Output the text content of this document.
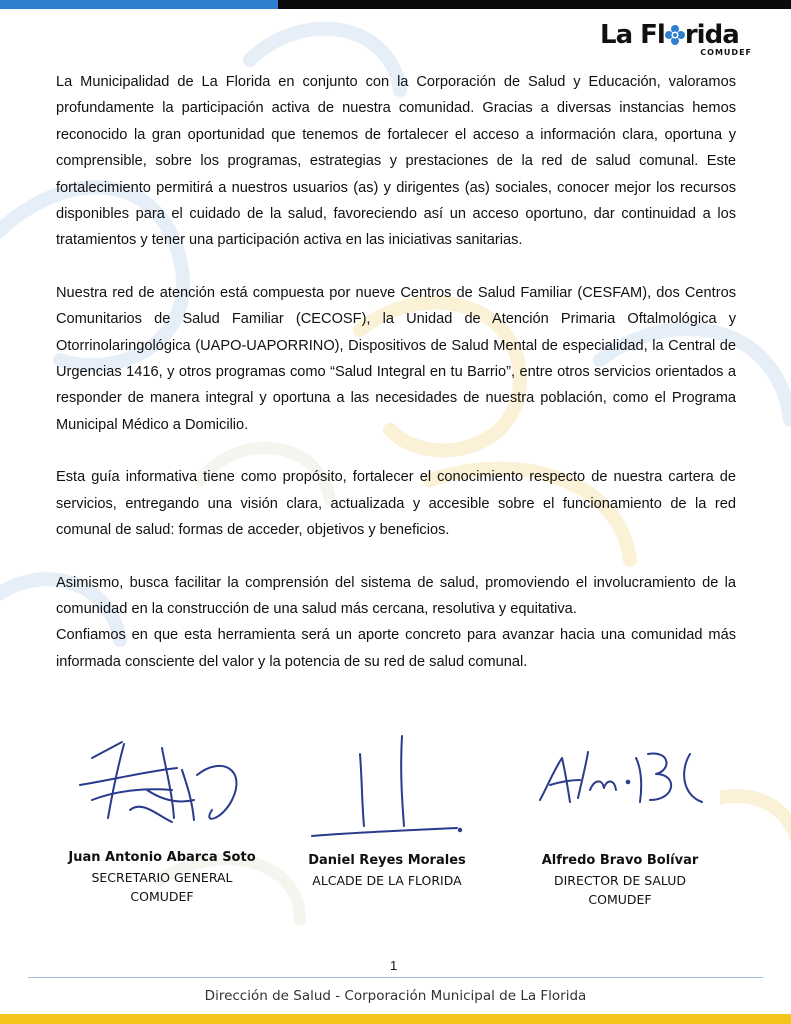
La Fl rida
COMUDEF

La Municipalidad de La Florida en conjunto con la Corporación de Salud y Educación, valoramos profundamente la participación activa de nuestra comunidad. Gracias a diversas instancias hemos reconocido la gran oportunidad que tenemos de fortalecer el acceso a información clara, oportuna y comprensible, sobre los programas, estrategias y prestaciones de la red de salud comunal. Este fortalecimiento permitirá a nuestros usuarios (as) y dirigentes (as) sociales, conocer mejor los recursos disponibles para el cuidado de la salud, favoreciendo así un acceso oportuno, dar continuidad a los tratamientos y tener una participación activa en las iniciativas sanitarias.

Nuestra red de atención está compuesta por nueve Centros de Salud Familiar (CESFAM), dos Centros Comunitarios de Salud Familiar (CECOSF), la Unidad de Atención Primaria Oftalmológica y Otorrinolaringológica (UAPO-UAPORRINO), Dispositivos de Salud Mental de especialidad, la Central de Urgencias 1416, y otros programas como “Salud Integral en tu Barrio”, entre otros servicios orientados a responder de manera integral y oportuna a las necesidades de nuestra población, como el Programa Municipal Médico a Domicilio.

Esta guía informativa tiene como propósito, fortalecer el conocimiento respecto de nuestra cartera de servicios, entregando una visión clara, actualizada y accesible sobre el funcionamiento de la red comunal de salud: formas de acceder, objetivos y beneficios.

Asimismo, busca facilitar la comprensión del sistema de salud, promoviendo el involucramiento de la comunidad en la construcción de una salud más cercana, resolutiva y equitativa.

Confiamos en que esta herramienta será un aporte concreto para avanzar hacia una comunidad más informada consciente del valor y la potencia de su red de salud comunal.

Juan Antonio Abarca Soto
SECRETARIO GENERAL
COMUDEF
Daniel Reyes Morales
ALCADE DE LA FLORIDA
Alfredo Bravo Bolívar
DIRECTOR DE SALUD
COMUDEF
1
Dirección de Salud - Corporación Municipal de La Florida
